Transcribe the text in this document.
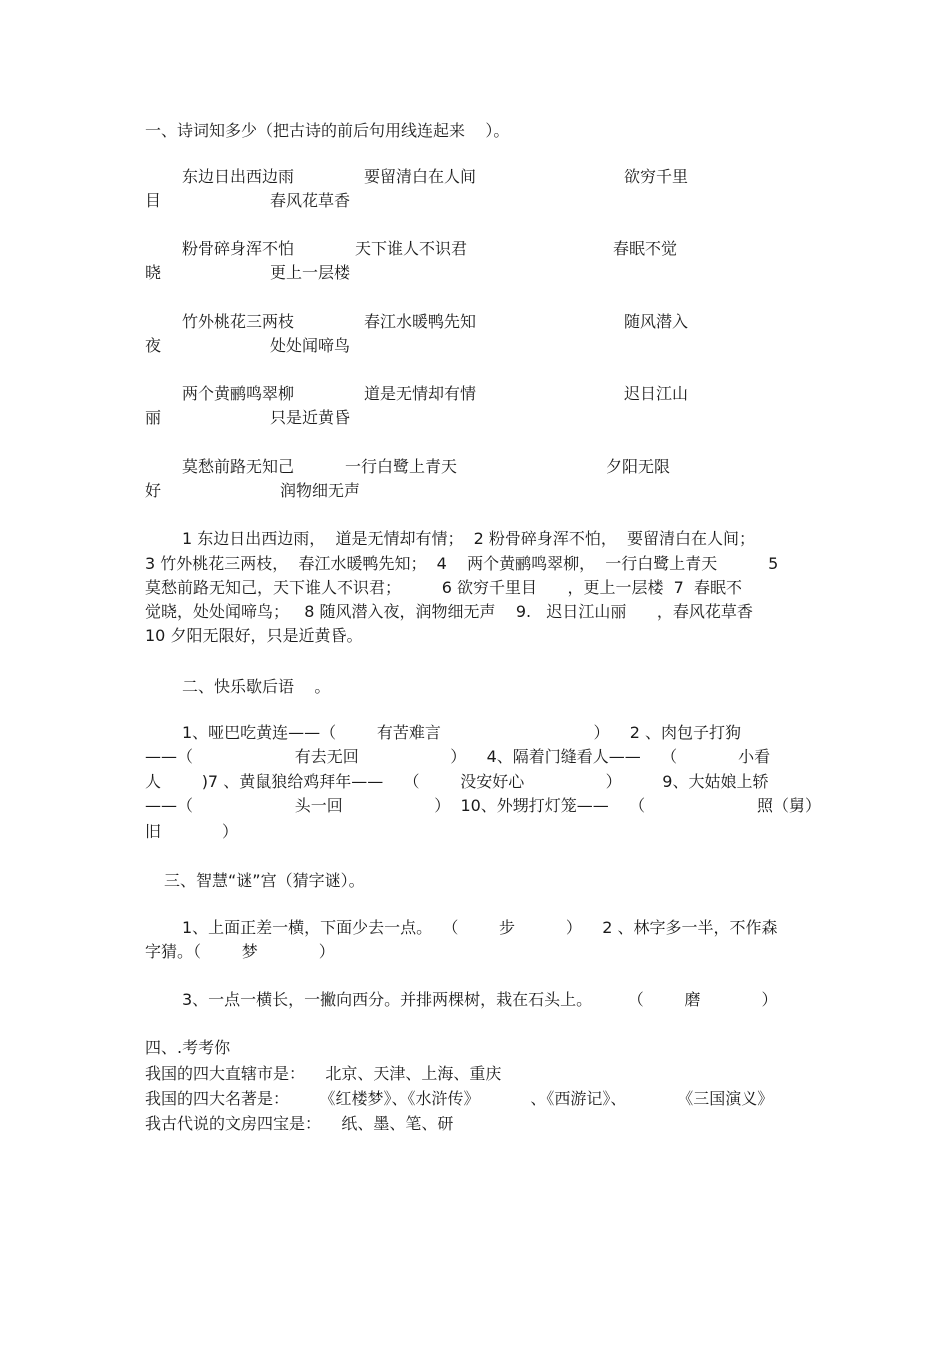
一、诗词知多少（把古诗的前后句用线连起来    ）。
东边日出西边雨	要留清白在人间	欲穷千里
目	春风花草香
粉骨碎身浑不怕	天下谁人不识君	春眠不觉
晓	更上一层楼
竹外桃花三两枝	春江水暖鸭先知	随风潜入
夜	处处闻啼鸟
两个黄鹂鸣翠柳	道是无情却有情	迟日江山
丽	只是近黄昏
莫愁前路无知己	一行白鹭上青天	夕阳无限
好	润物细无声
1 东边日出西边雨，  道是无情却有情；  2 粉骨碎身浑不怕，  要留清白在人间；
3 竹外桃花三两枝，  春江水暖鸭先知；  4    两个黄鹂鸣翠柳，  一行白鹭上青天          5
莫愁前路无知己，天下谁人不识君；        6 欲穷千里目      ，更上一层楼  7  春眠不
觉晓，处处闻啼鸟；   8 随风潜入夜，润物细无声    9.   迟日江山丽      ，春风花草香
10 夕阳无限好，只是近黄昏。
二、快乐歇后语    。
1、哑巴吃黄连——（        有苦难言                              ）    2 、肉包子打狗
——（                    有去无回                  ）    4、隔着门缝看人——    （            小看
人        )7 、黄鼠狼给鸡拜年——    （        没安好心                ）        9、大姑娘上轿
——（                    头一回                  ）  10、外甥打灯笼——    （                      照（舅）
旧            ）
三、智慧“谜”宫（猜字谜）。
1、上面正差一横，下面少去一点。  （        步          ）    2 、林字多一半，不作森
字猜。（        梦            ）
3、一点一横长，一撇向西分。并排两棵树，栽在石头上。       （        磨            ）
四、.考考你
我国的四大直辖市是：    北京、天津、上海、重庆
我国的四大名著是：      《红楼梦》、《水浒传》          、《西游记》、          《三国演义》
我古代说的文房四宝是：    纸、墨、笔、研
